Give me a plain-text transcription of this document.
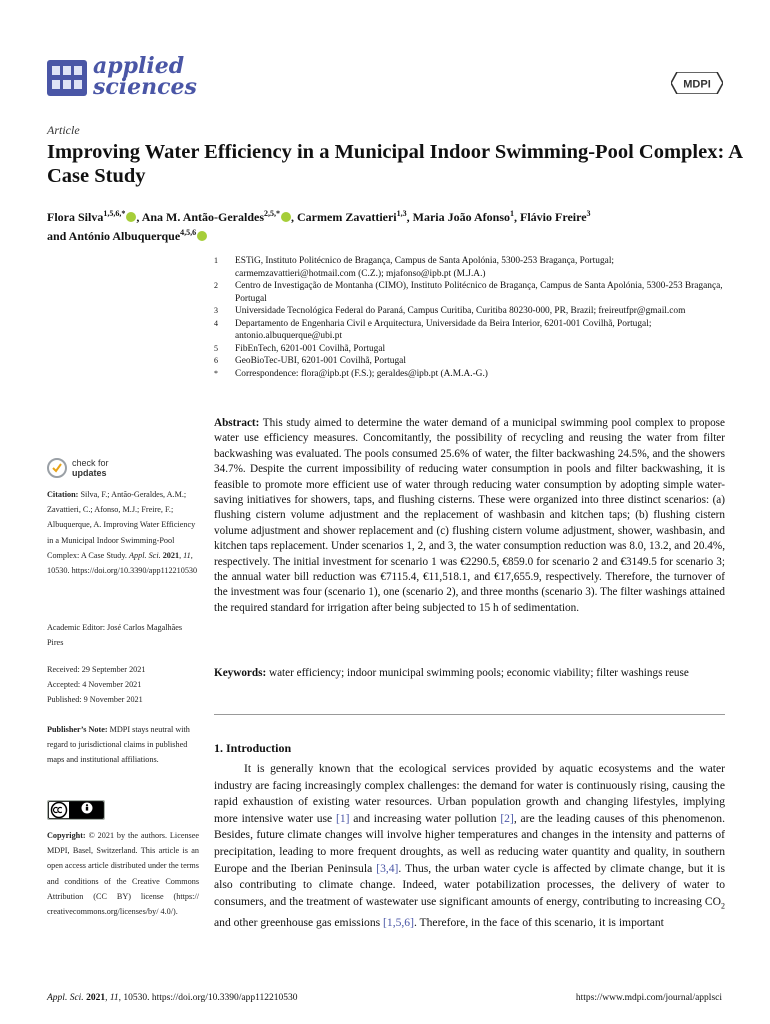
applied
sciences	MDPI
Article
Improving Water Efficiency in a Municipal Indoor Swimming-Pool Complex: A Case Study
Flora Silva$^{1,5,6,*}$ , Ana M. Antão-Geraldes$^{2,5,*}$ , Carmem Zavattieri$^{1,3}$, Maria João Afonso$^1$, Flávio Freire$^3$
and António Albuquerque$^{4,5,6}$
1 ESTiG, Instituto Politécnico de Bragança, Campus de Santa Apolónia, 5300-253 Bragança, Portugal; carmemzavattieri@hotmail.com (C.Z.); mjafonso@ipb.pt (M.J.A.)
2 Centro de Investigação de Montanha (CIMO), Instituto Politécnico de Bragança, Campus de Santa Apolónia, 5300-253 Bragança, Portugal
3 Universidade Tecnológica Federal do Paraná, Campus Curitiba, Curitiba 80230-000, PR, Brazil; freireutfpr@gmail.com
4 Departamento de Engenharia Civil e Arquitectura, Universidade da Beira Interior, 6201-001 Covilhã, Portugal; antonio.albuquerque@ubi.pt
5 FibEnTech, 6201-001 Covilhã, Portugal
6 GeoBioTec-UBI, 6201-001 Covilhã, Portugal
* Correspondence: flora@ipb.pt (F.S.); geraldes@ipb.pt (A.M.A.-G.)
Abstract: This study aimed to determine the water demand of a municipal swimming pool complex to propose water use efficiency measures. Concomitantly, the possibility of recycling and reusing the water from filter backwashing was evaluated. The pools consumed 25.6% of water, the filter backwashing 24.5%, and the showers 34.7%. Despite the current impossibility of reducing water consumption in pools and filter backwashing, it is feasible to promote more efficient use of water through reducing water consumption by adopting simple water-saving initiatives for showers, taps, and flushing cisterns. These were organized into three distinct scenarios: (a) flushing cistern volume adjustment and the replacement of washbasin and kitchen taps; (b) flushing cistern volume adjustment and shower replacement and (c) flushing cistern volume adjustment, shower, washbasin, and kitchen taps replacement. Under scenarios 1, 2, and 3, the water consumption reduction was 8.0, 13.2, and 20.4%, respectively. The initial investment for scenario 1 was €2290.5, €859.0 for scenario 2 and €3149.5 for scenario 3; the annual water bill reduction was €7115.4, €11,518.1, and €17,655.9, respectively. Therefore, the turnover of the investment was four (scenario 1), one (scenario 2), and three months (scenario 3). The filter washings attained the required standard for irrigation after being subjected to 15 h of sedimentation.
Keywords: water efficiency; indoor municipal swimming pools; economic viability; filter washings reuse
1. Introduction

It is generally known that the ecological services provided by aquatic ecosystems and the water industry are facing increasingly complex challenges: the demand for water is continuously rising, causing the rapid exhaustion of existing water resources. Urban population growth and changing lifestyles, implying more intensive water use [1] and increasing water pollution [2], are the leading causes of this phenomenon. Besides, future climate changes will involve higher temperatures and changes in the intensity and patterns of precipitation, leading to more frequent droughts, as well as reducing water quantity and quality, in southern Europe and the Iberian Peninsula [3,4]. Thus, the urban water cycle is affected by climate change, but it is also contributing to climate change. Indeed, water potabilization processes, the delivery of water to consumers, and the treatment of wastewater use significant amounts of energy, contributing to increasing $CO_2$ and other greenhouse gas emissions [1,5,6]. Therefore, in the face of this scenario, it is important

check for
updates
Citation: Silva, F.; Antão-Geraldes, A.M.; Zavattieri, C.; Afonso, M.J.; Freire, F.; Albuquerque, A. Improving Water Efficiency in a Municipal Indoor Swimming-Pool Complex: A Case Study. Appl. Sci. 2021, 11, 10530. https://doi.org/10.3390/app112210530
Academic Editor: José Carlos Magalhães Pires
Received: 29 September 2021
Accepted: 4 November 2021
Published: 9 November 2021
Publisher’s Note: MDPI stays neutral with regard to jurisdictional claims in published maps and institutional affiliations.
Copyright: © 2021 by the authors. Licensee MDPI, Basel, Switzerland. This article is an open access article distributed under the terms and conditions of the Creative Commons Attribution (CC BY) license (https:// creativecommons.org/licenses/by/ 4.0/).
Appl. Sci. 2021, 11, 10530. https://doi.org/10.3390/app112210530	https://www.mdpi.com/journal/applsci
